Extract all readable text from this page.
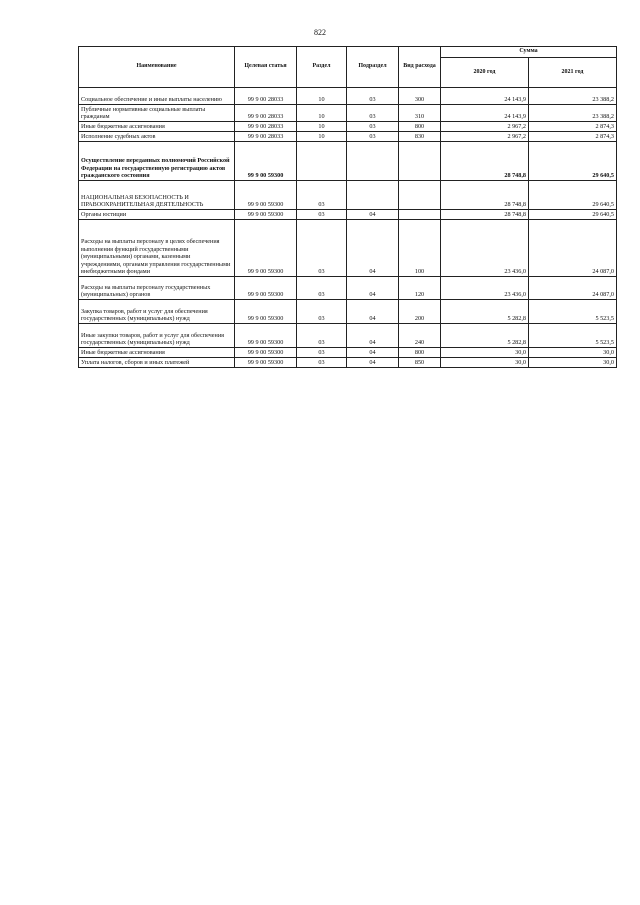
822
Наименование	Целевая статья	Раздел	Подраздел	Вид расхода	Сумма	
					2020 год	2021 год
Социальное обеспечение и иные выплаты населению	99 9 00 28033	10	03	300	24 143,9	23 388,2
Публичные нормативные социальные выплаты гражданам	99 9 00 28033	10	03	310	24 143,9	23 388,2
Иные бюджетные ассигнования	99 9 00 28033	10	03	800	2 967,2	2 874,3
Исполнение судебных актов	99 9 00 28033	10	03	830	2 967,2	2 874,3
Осуществление переданных полномочий Российской Федерации на государственную регистрацию актов гражданского состояния	99 9 00 59300				28 748,8	29 640,5
НАЦИОНАЛЬНАЯ БЕЗОПАСНОСТЬ И ПРАВООХРАНИТЕЛЬНАЯ ДЕЯТЕЛЬНОСТЬ	99 9 00 59300	03			28 748,8	29 640,5
Органы юстиции	99 9 00 59300	03	04		28 748,8	29 640,5
Расходы на выплаты персоналу в целях обеспечения выполнения функций государственными (муниципальными) органами, казенными учреждениями, органами управления государственными внебюджетными фондами	99 9 00 59300	03	04	100	23 436,0	24 087,0
Расходы на выплаты персоналу государственных (муниципальных) органов	99 9 00 59300	03	04	120	23 436,0	24 087,0
Закупка товаров, работ и услуг для обеспечения государственных (муниципальных) нужд	99 9 00 59300	03	04	200	5 282,8	5 523,5
Иные закупки товаров, работ и услуг для обеспечения государственных (муниципальных) нужд	99 9 00 59300	03	04	240	5 282,8	5 523,5
Иные бюджетные ассигнования	99 9 00 59300	03	04	800	30,0	30,0
Уплата налогов, сборов и иных платежей	99 9 00 59300	03	04	850	30,0	30,0
